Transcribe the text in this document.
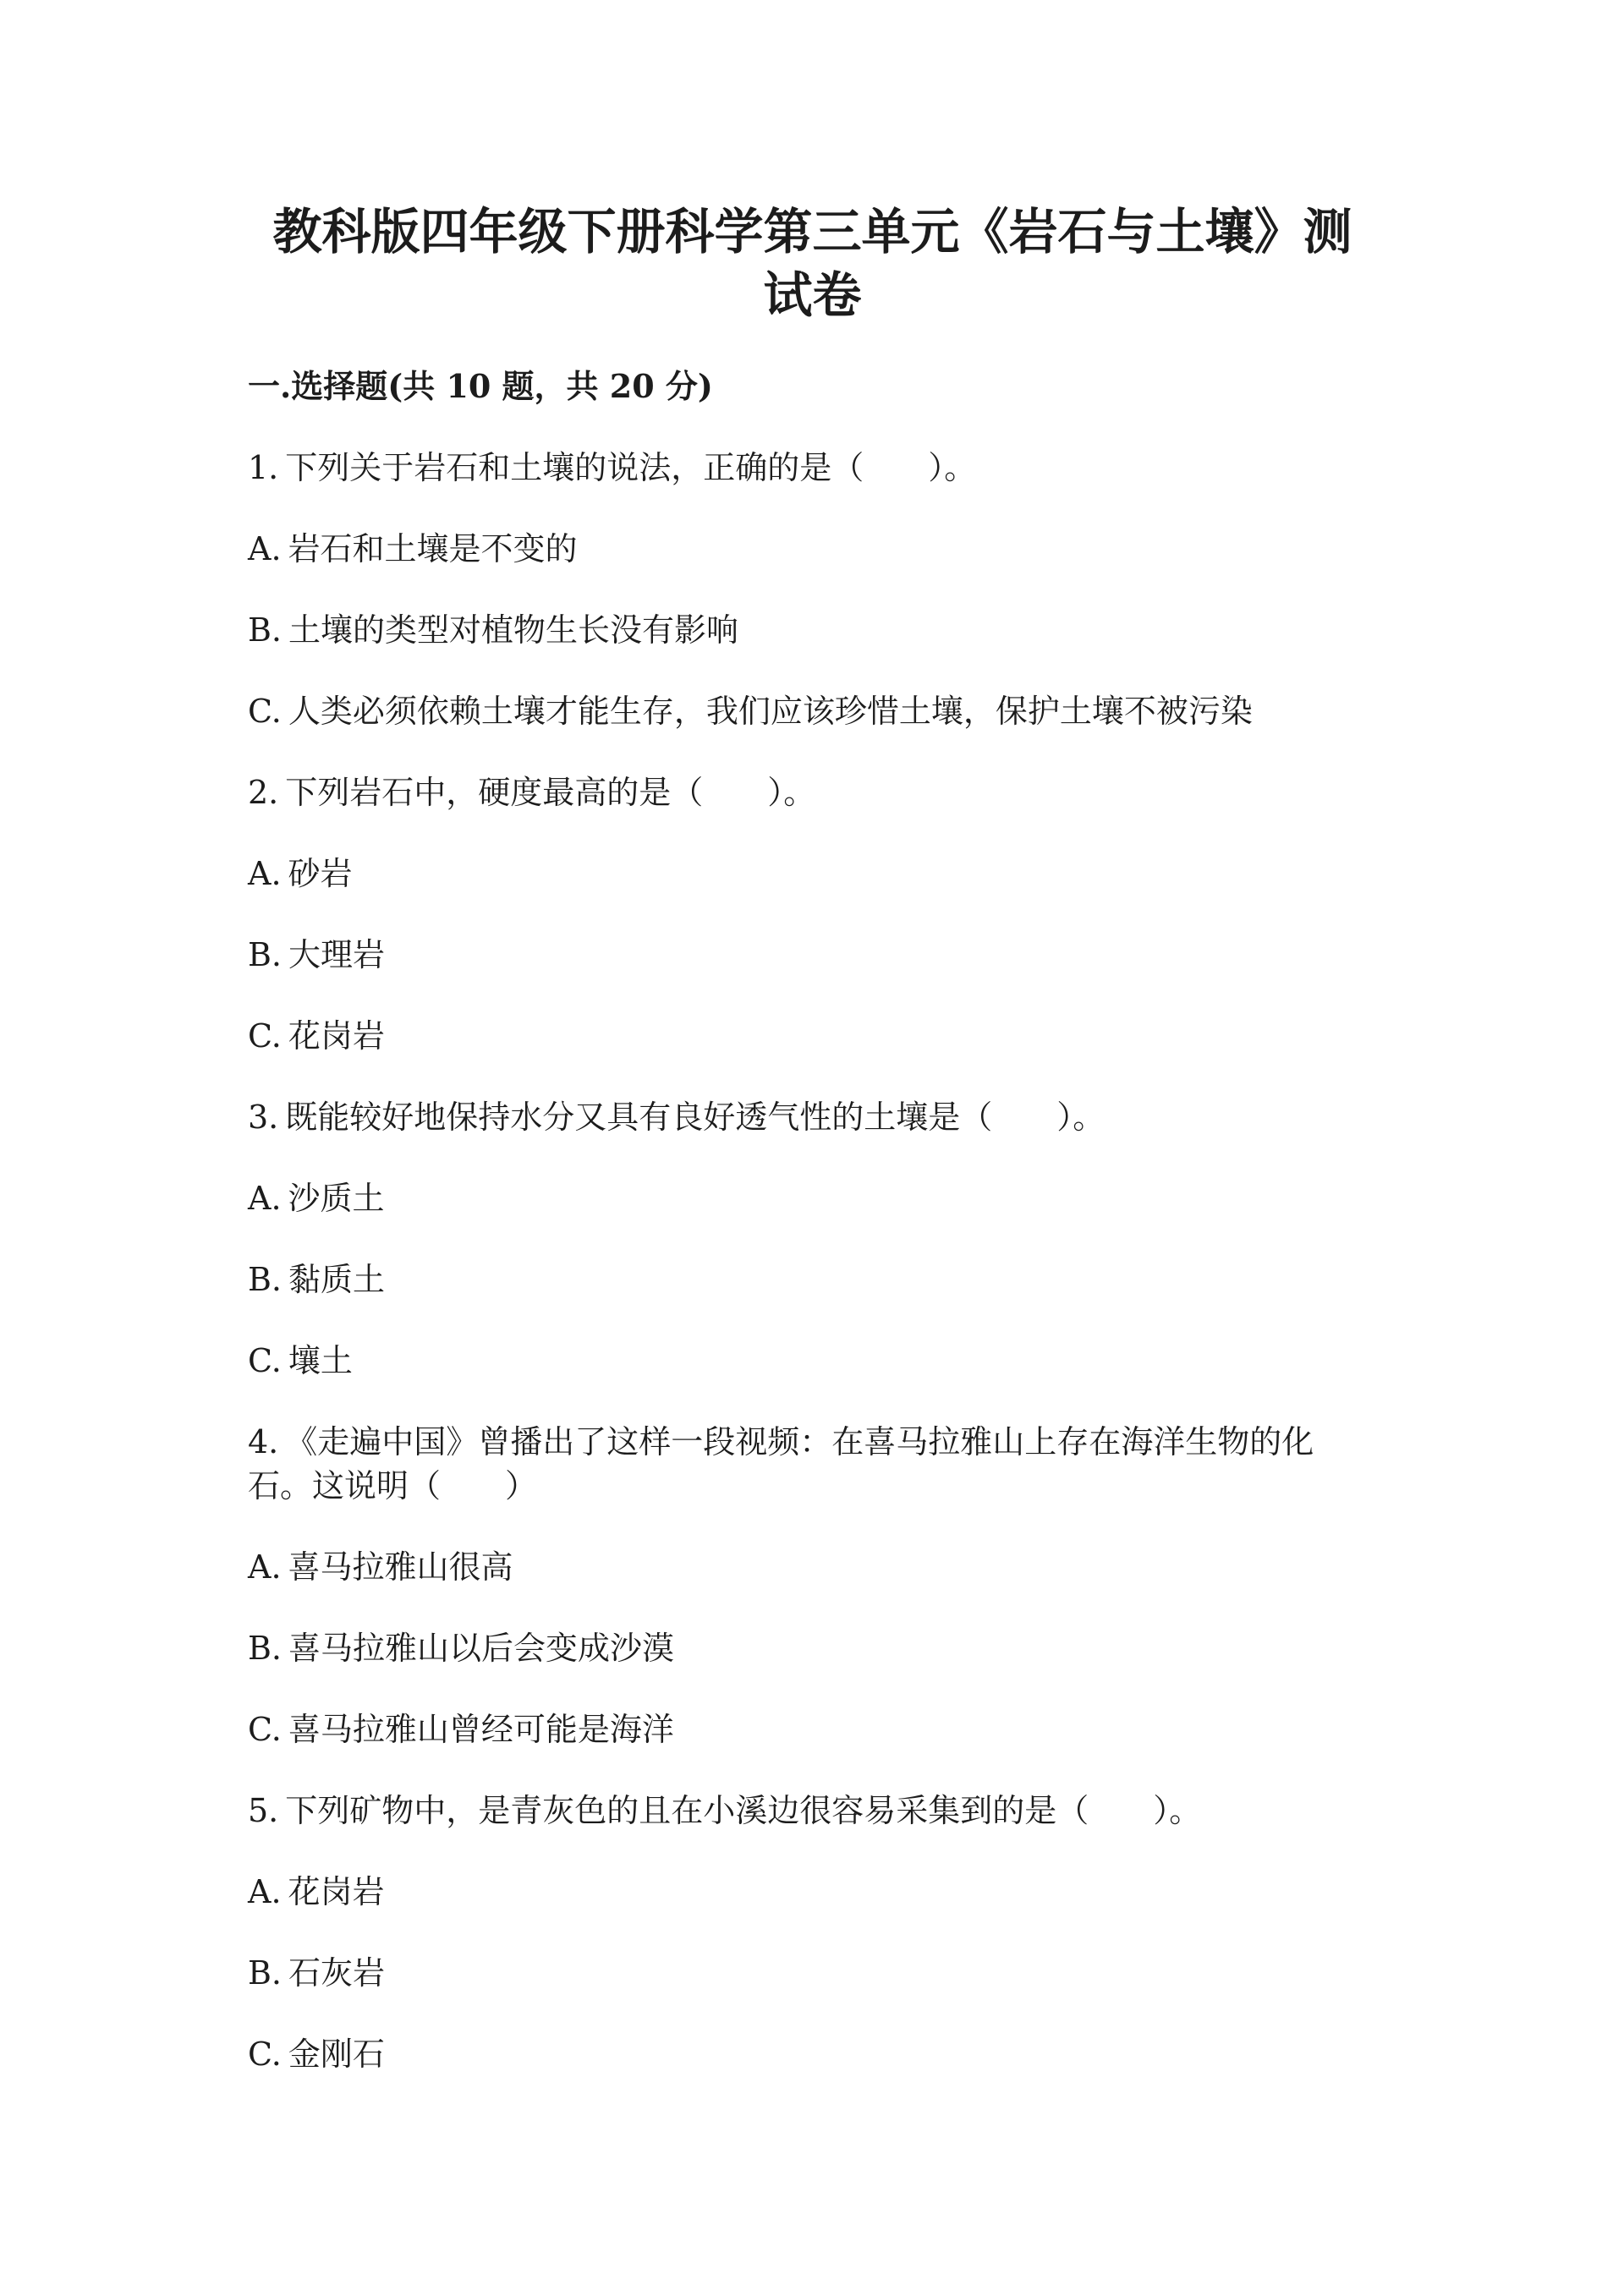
教科版四年级下册科学第三单元《岩石与土壤》测试卷

一.选择题(共 10 题，共 20 分)

1. 下列关于岩石和土壤的说法，正确的是（　　）。

A. 岩石和土壤是不变的

B. 土壤的类型对植物生长没有影响

C. 人类必须依赖土壤才能生存，我们应该珍惜土壤，保护土壤不被污染

2. 下列岩石中，硬度最高的是（　　）。

A. 砂岩

B. 大理岩

C. 花岗岩

3. 既能较好地保持水分又具有良好透气性的土壤是（　　）。

A. 沙质土

B. 黏质土

C. 壤土

4. 《走遍中国》曾播出了这样一段视频：在喜马拉雅山上存在海洋生物的化石。这说明（　　）

A. 喜马拉雅山很高

B. 喜马拉雅山以后会变成沙漠

C. 喜马拉雅山曾经可能是海洋

5. 下列矿物中，是青灰色的且在小溪边很容易采集到的是（　　）。

A. 花岗岩

B. 石灰岩

C. 金刚石
